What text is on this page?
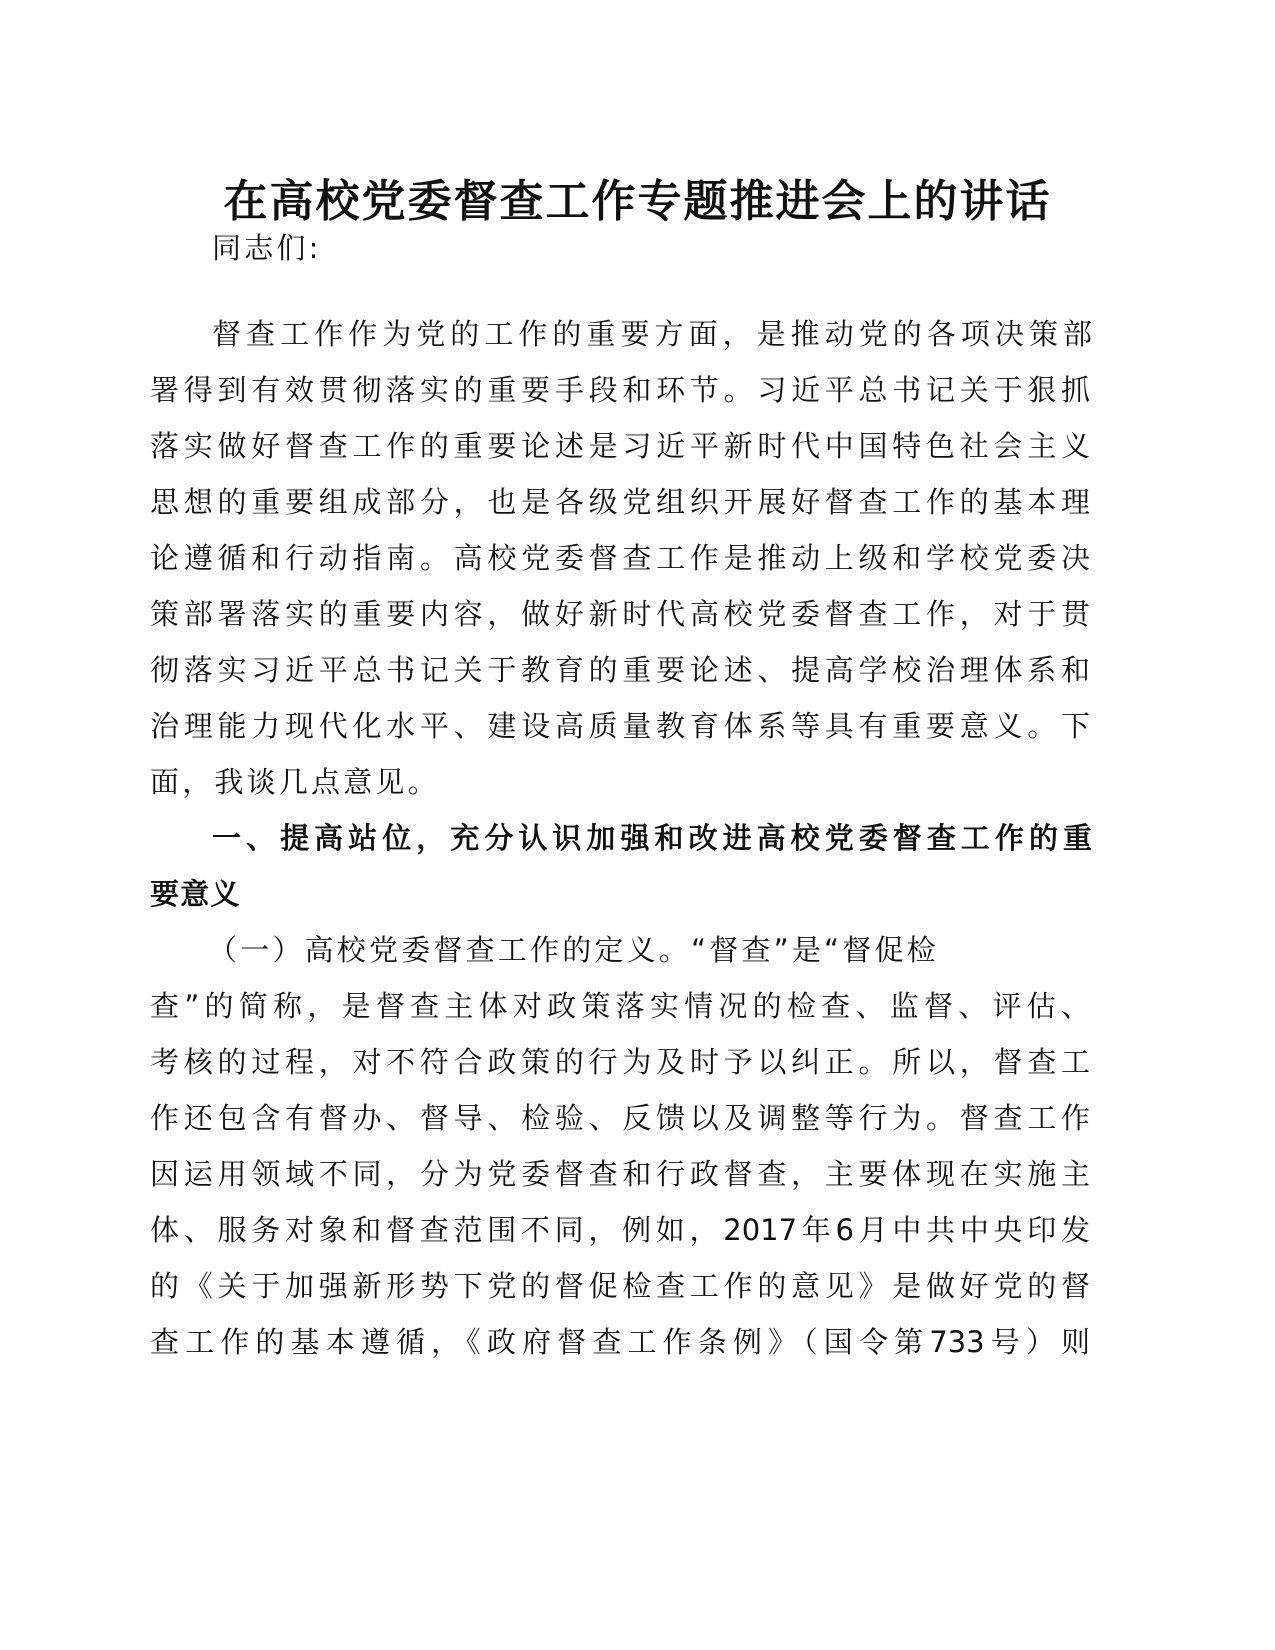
在高校党委督查工作专题推进会上的讲话

同志们:

督查工作作为党的工作的重要方面，是推动党的各项决策部

署得到有效贯彻落实的重要手段和环节。习近平总书记关于狠抓

落实做好督查工作的重要论述是习近平新时代中国特色社会主义

思想的重要组成部分，也是各级党组织开展好督查工作的基本理

论遵循和行动指南。高校党委督查工作是推动上级和学校党委决

策部署落实的重要内容，做好新时代高校党委督查工作，对于贯

彻落实习近平总书记关于教育的重要论述、提高学校治理体系和

治理能力现代化水平、建设高质量教育体系等具有重要意义。下

面，我谈几点意见。

一、提高站位，充分认识加强和改进高校党委督查工作的重

要意义

（一）高校党委督查工作的定义。“督查”是“督促检

查”的简称，是督查主体对政策落实情况的检查、监督、评估、

考核的过程，对不符合政策的行为及时予以纠正。所以，督查工

作还包含有督办、督导、检验、反馈以及调整等行为。督查工作

因运用领域不同，分为党委督查和行政督查，主要体现在实施主

体、服务对象和督查范围不同，例如，2017年6月中共中央印发

的《关于加强新形势下党的督促检查工作的意见》是做好党的督

查工作的基本遵循，《政府督查工作条例》（国令第733号）则
